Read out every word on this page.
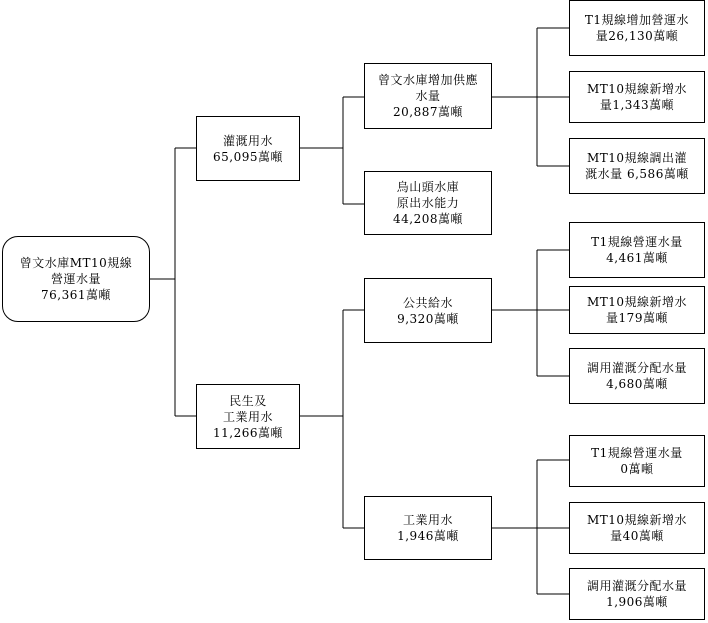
曾文水庫MT10規線
營運水量
76,361萬噸
灌溉用水
65,095萬噸
民生及
工業用水
11,266萬噸
曾文水庫增加供應
水量
20,887萬噸
烏山頭水庫
原出水能力
44,208萬噸
公共給水
9,320萬噸
工業用水
1,946萬噸
T1規線增加營運水
量26,130萬噸
MT10規線新增水
量1,343萬噸
MT10規線調出灌
溉水量 6,586萬噸
T1規線營運水量
4,461萬噸
MT10規線新增水
量179萬噸
調用灌溉分配水量
4,680萬噸
T1規線營運水量
0萬噸
MT10規線新增水
量40萬噸
調用灌溉分配水量
1,906萬噸
